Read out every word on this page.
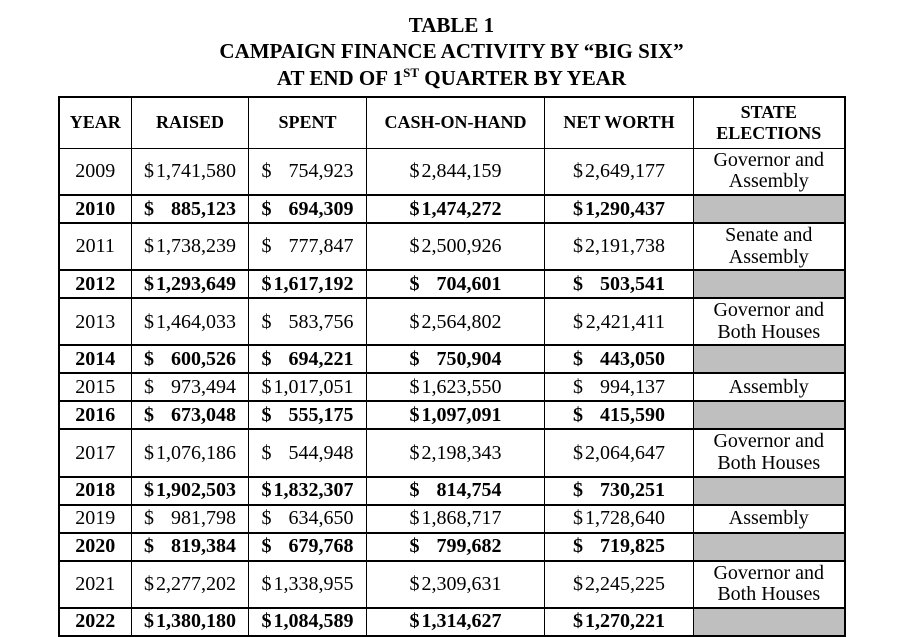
TABLE 1
CAMPAIGN FINANCE ACTIVITY BY “BIG SIX”
AT END OF 1ST QUARTER BY YEAR
YEAR	RAISED	SPENT	CASH-ON-HAND	NET WORTH	STATE ELECTIONS
2009	$ 1,741,580	$ 754,923	$ 2,844,159	$ 2,649,177	Governor and Assembly
2010	$ 885,123	$ 694,309	$ 1,474,272	$ 1,290,437	

2011	$ 1,738,239	$ 777,847	$ 2,500,926	$ 2,191,738	Senate and Assembly
2012	$ 1,293,649	$ 1,617,192	$ 704,601	$ 503,541	

2013	$ 1,464,033	$ 583,756	$ 2,564,802	$ 2,421,411	Governor and Both Houses
2014	$ 600,526	$ 694,221	$ 750,904	$ 443,050	

2015	$ 973,494	$ 1,017,051	$ 1,623,550	$ 994,137	Assembly
2016	$ 673,048	$ 555,175	$ 1,097,091	$ 415,590	

2017	$ 1,076,186	$ 544,948	$ 2,198,343	$ 2,064,647	Governor and Both Houses
2018	$ 1,902,503	$ 1,832,307	$ 814,754	$ 730,251	

2019	$ 981,798	$ 634,650	$ 1,868,717	$ 1,728,640	Assembly
2020	$ 819,384	$ 679,768	$ 799,682	$ 719,825	

2021	$ 2,277,202	$ 1,338,955	$ 2,309,631	$ 2,245,225	Governor and Both Houses
2022	$ 1,380,180	$ 1,084,589	$ 1,314,627	$ 1,270,221	
